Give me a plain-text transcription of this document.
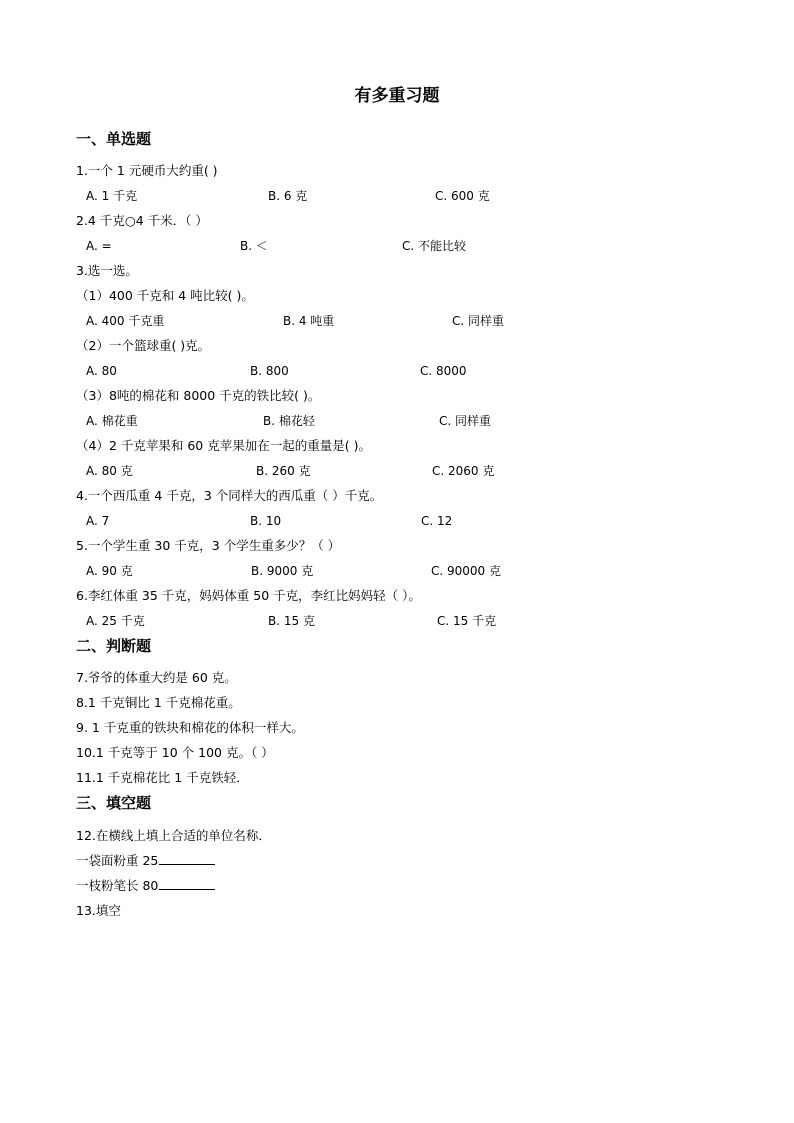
有多重习题
一、单选题
1.一个 1 元硬币大约重( )
A. 1 千克	B. 6 克	C. 600 克
2.4 千克○4 千米．（ ）
A. =	B. ＜	C. 不能比较
3.选一选。
（1）400 千克和 4 吨比较( )。
A. 400 千克重	B. 4 吨重	C. 同样重
（2）一个篮球重( )克。
A. 80	B. 800	C. 8000
（3）8吨的棉花和 8000 千克的铁比较( )。
A. 棉花重	B. 棉花轻	C. 同样重
（4）2 千克苹果和 60 克苹果加在一起的重量是( )。
A. 80 克	B. 260 克	C. 2060 克
4.一个西瓜重 4 千克，3 个同样大的西瓜重（ ）千克。
A. 7	B. 10	C. 12
5.一个学生重 30 千克，3 个学生重多少？（ ）
A. 90 克	B. 9000 克	C. 90000 克
6.李红体重 35 千克，妈妈体重 50 千克，李红比妈妈轻（ ）。
A. 25 千克	B. 15 克	C. 15 千克
二、判断题
7.爷爷的体重大约是 60 克。
8.1 千克铜比 1 千克棉花重。
9. 1 千克重的铁块和棉花的体积一样大。
10.1 千克等于 10 个 100 克。（ ）
11.1 千克棉花比 1 千克铁轻．
三、填空题
12.在横线上填上合适的单位名称．
一袋面粉重 25
一枝粉笔长 80
13.填空
